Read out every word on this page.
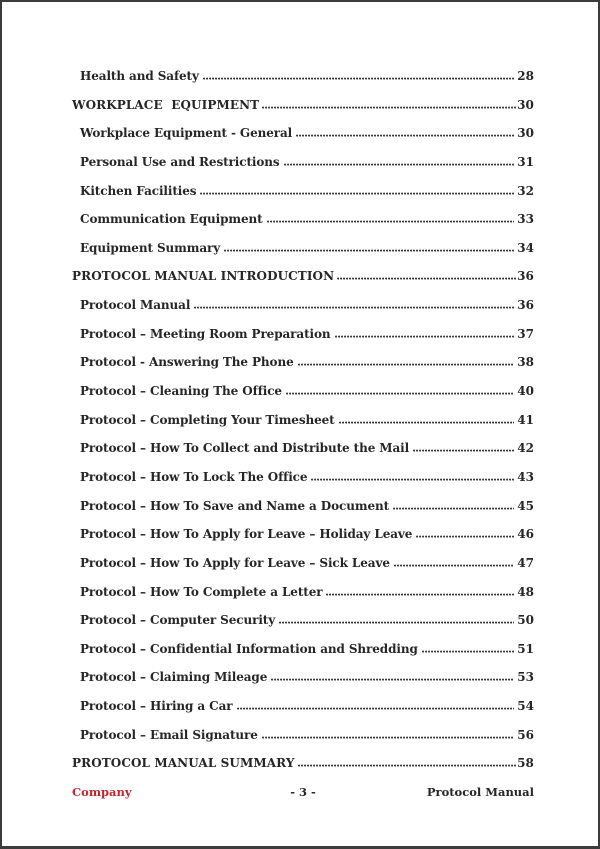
Health and Safety	28
WORKPLACE  EQUIPMENT	30
Workplace Equipment - General	30
Personal Use and Restrictions	31
Kitchen Facilities	32
Communication Equipment	33
Equipment Summary	34
PROTOCOL MANUAL INTRODUCTION	36
Protocol Manual	36
Protocol – Meeting Room Preparation	37
Protocol - Answering The Phone	38
Protocol – Cleaning The Office	40
Protocol – Completing Your Timesheet	41
Protocol – How To Collect and Distribute the Mail	42
Protocol – How To Lock The Office	43
Protocol – How To Save and Name a Document	45
Protocol – How To Apply for Leave – Holiday Leave	46
Protocol – How To Apply for Leave – Sick Leave	47
Protocol – How To Complete a Letter	48
Protocol – Computer Security	50
Protocol – Confidential Information and Shredding	51
Protocol – Claiming Mileage	53
Protocol – Hiring a Car	54
Protocol – Email Signature	56
PROTOCOL MANUAL SUMMARY	58
Company	- 3 -	Protocol Manual
